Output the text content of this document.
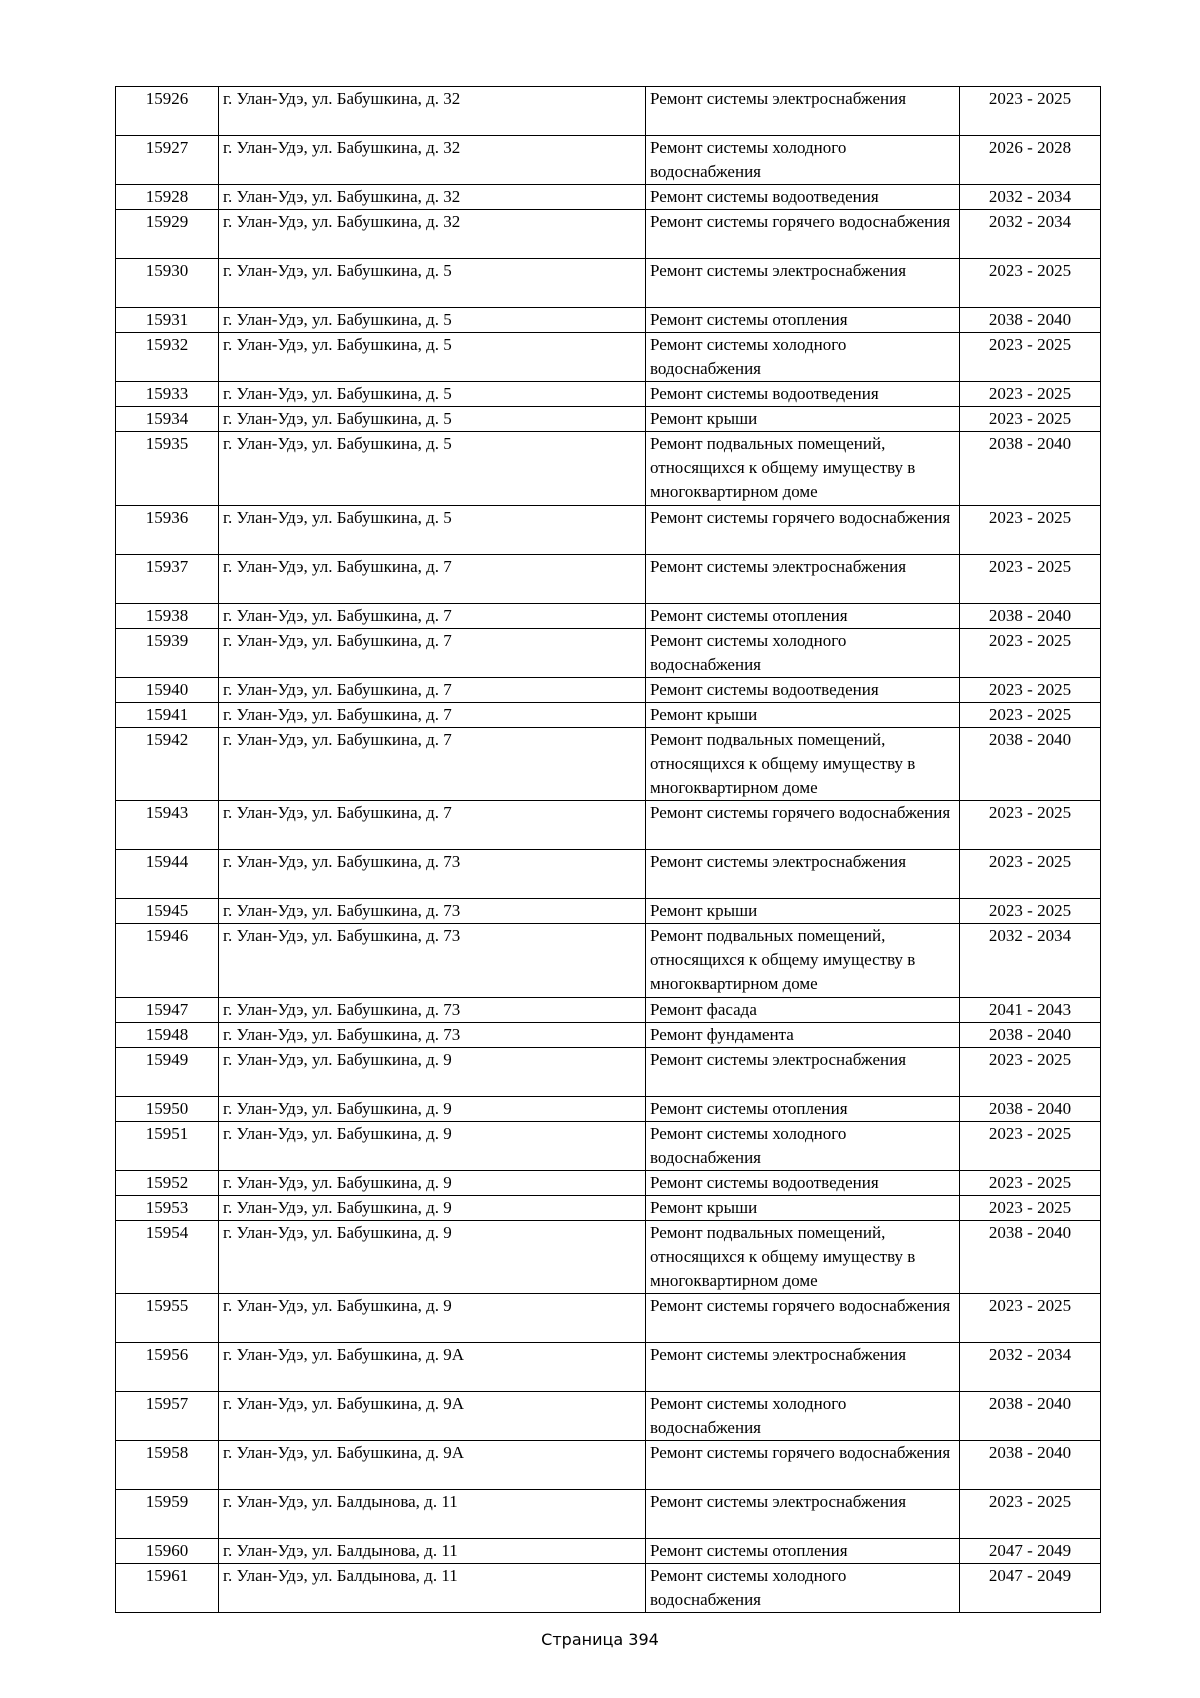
15926	г. Улан-Удэ, ул. Бабушкина, д. 32	Ремонт системы электроснабжения	2023 - 2025
15927	г. Улан-Удэ, ул. Бабушкина, д. 32	Ремонт системы холодного водоснабжения	2026 - 2028
15928	г. Улан-Удэ, ул. Бабушкина, д. 32	Ремонт системы водоотведения	2032 - 2034
15929	г. Улан-Удэ, ул. Бабушкина, д. 32	Ремонт системы горячего водоснабжения	2032 - 2034
15930	г. Улан-Удэ, ул. Бабушкина, д. 5	Ремонт системы электроснабжения	2023 - 2025
15931	г. Улан-Удэ, ул. Бабушкина, д. 5	Ремонт системы отопления	2038 - 2040
15932	г. Улан-Удэ, ул. Бабушкина, д. 5	Ремонт системы холодного водоснабжения	2023 - 2025
15933	г. Улан-Удэ, ул. Бабушкина, д. 5	Ремонт системы водоотведения	2023 - 2025
15934	г. Улан-Удэ, ул. Бабушкина, д. 5	Ремонт крыши	2023 - 2025
15935	г. Улан-Удэ, ул. Бабушкина, д. 5	Ремонт подвальных помещений, относящихся к общему имуществу в многоквартирном доме	2038 - 2040
15936	г. Улан-Удэ, ул. Бабушкина, д. 5	Ремонт системы горячего водоснабжения	2023 - 2025
15937	г. Улан-Удэ, ул. Бабушкина, д. 7	Ремонт системы электроснабжения	2023 - 2025
15938	г. Улан-Удэ, ул. Бабушкина, д. 7	Ремонт системы отопления	2038 - 2040
15939	г. Улан-Удэ, ул. Бабушкина, д. 7	Ремонт системы холодного водоснабжения	2023 - 2025
15940	г. Улан-Удэ, ул. Бабушкина, д. 7	Ремонт системы водоотведения	2023 - 2025
15941	г. Улан-Удэ, ул. Бабушкина, д. 7	Ремонт крыши	2023 - 2025
15942	г. Улан-Удэ, ул. Бабушкина, д. 7	Ремонт подвальных помещений, относящихся к общему имуществу в многоквартирном доме	2038 - 2040
15943	г. Улан-Удэ, ул. Бабушкина, д. 7	Ремонт системы горячего водоснабжения	2023 - 2025
15944	г. Улан-Удэ, ул. Бабушкина, д. 73	Ремонт системы электроснабжения	2023 - 2025
15945	г. Улан-Удэ, ул. Бабушкина, д. 73	Ремонт крыши	2023 - 2025
15946	г. Улан-Удэ, ул. Бабушкина, д. 73	Ремонт подвальных помещений, относящихся к общему имуществу в многоквартирном доме	2032 - 2034
15947	г. Улан-Удэ, ул. Бабушкина, д. 73	Ремонт фасада	2041 - 2043
15948	г. Улан-Удэ, ул. Бабушкина, д. 73	Ремонт фундамента	2038 - 2040
15949	г. Улан-Удэ, ул. Бабушкина, д. 9	Ремонт системы электроснабжения	2023 - 2025
15950	г. Улан-Удэ, ул. Бабушкина, д. 9	Ремонт системы отопления	2038 - 2040
15951	г. Улан-Удэ, ул. Бабушкина, д. 9	Ремонт системы холодного водоснабжения	2023 - 2025
15952	г. Улан-Удэ, ул. Бабушкина, д. 9	Ремонт системы водоотведения	2023 - 2025
15953	г. Улан-Удэ, ул. Бабушкина, д. 9	Ремонт крыши	2023 - 2025
15954	г. Улан-Удэ, ул. Бабушкина, д. 9	Ремонт подвальных помещений, относящихся к общему имуществу в многоквартирном доме	2038 - 2040
15955	г. Улан-Удэ, ул. Бабушкина, д. 9	Ремонт системы горячего водоснабжения	2023 - 2025
15956	г. Улан-Удэ, ул. Бабушкина, д. 9А	Ремонт системы электроснабжения	2032 - 2034
15957	г. Улан-Удэ, ул. Бабушкина, д. 9А	Ремонт системы холодного водоснабжения	2038 - 2040
15958	г. Улан-Удэ, ул. Бабушкина, д. 9А	Ремонт системы горячего водоснабжения	2038 - 2040
15959	г. Улан-Удэ, ул. Балдынова, д. 11	Ремонт системы электроснабжения	2023 - 2025
15960	г. Улан-Удэ, ул. Балдынова, д. 11	Ремонт системы отопления	2047 - 2049
15961	г. Улан-Удэ, ул. Балдынова, д. 11	Ремонт системы холодного водоснабжения	2047 - 2049
Страница 394
